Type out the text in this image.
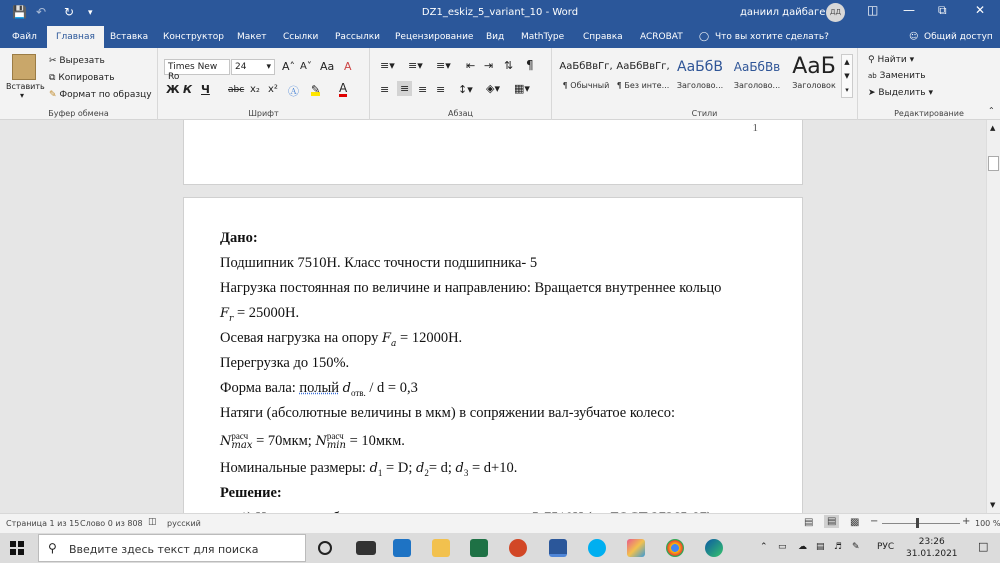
💾 ↶ ↻ ▾	DZ1_eskiz_5_variant_10 - Word	даниил дайбаге ДД	◫ — ⧉ ✕
Файл	Главная	Вставка Конструктор Макет Ссылки Рассылки Рецензирование Вид MathType Справка ACROBAT ◯ Что вы хотите сделать?	☺ Общий доступ
Вставить
▾
✂ Вырезать
⧉ Копировать
✎ Формат по образцу
Буфер обмена
Times New Ro
24 ▾ A˄ A˅ Aa A
Ж К Ч abc x₂ x² Ⓐ ✎ A
Шрифт
≡▾ ≡▾ ≡▾ ⇤ ⇥ ⇅ ¶
≡ ≡ ≡ ≡ ↕▾ ◈▾ ▦▾
Абзац
АаБбВвГг,
¶ Обычный
АаБбВвГг,
¶ Без инте...
АаБбВ
Заголово...
АаБбВв
Заголово...
АаБ
Заголовок
▲
▼
▾
Стили
⚲ Найти ▾
ab Заменить
➤ Выделить ▾
Редактирование	⌃
1
Дано:
Подшипник 7510Н. Класс точности подшипника- 5
Нагрузка постоянная по величине и направлению: Вращается внутреннее кольцо
$F_r = 25000Н$.
Осевая нагрузка на опору $F_a = 12000Н$.
Перегрузка до 150%.
Форма вала: полый $d_{отв.} / d = 0,3$
Натяги (абсолютные величины в мкм) в сопряжении вал-зубчатое колесо:
Nрасч
max = 70мкм; Nрасч
min = 10мкм.
Номинальные размеры: $d_1 = D$; $d_2= d$; $d_3 = d+10$.
Решение:
▲
▼
Страница 1 из 15 Слово 0 из 808 ◫ русский	▤	▤	▩ −	+ 100 %
⚲ Введите здесь текст для поиска	⌃ ▭ ☁ ▤ ♬ ✎ РУС	23:26
31.01.2021
□
